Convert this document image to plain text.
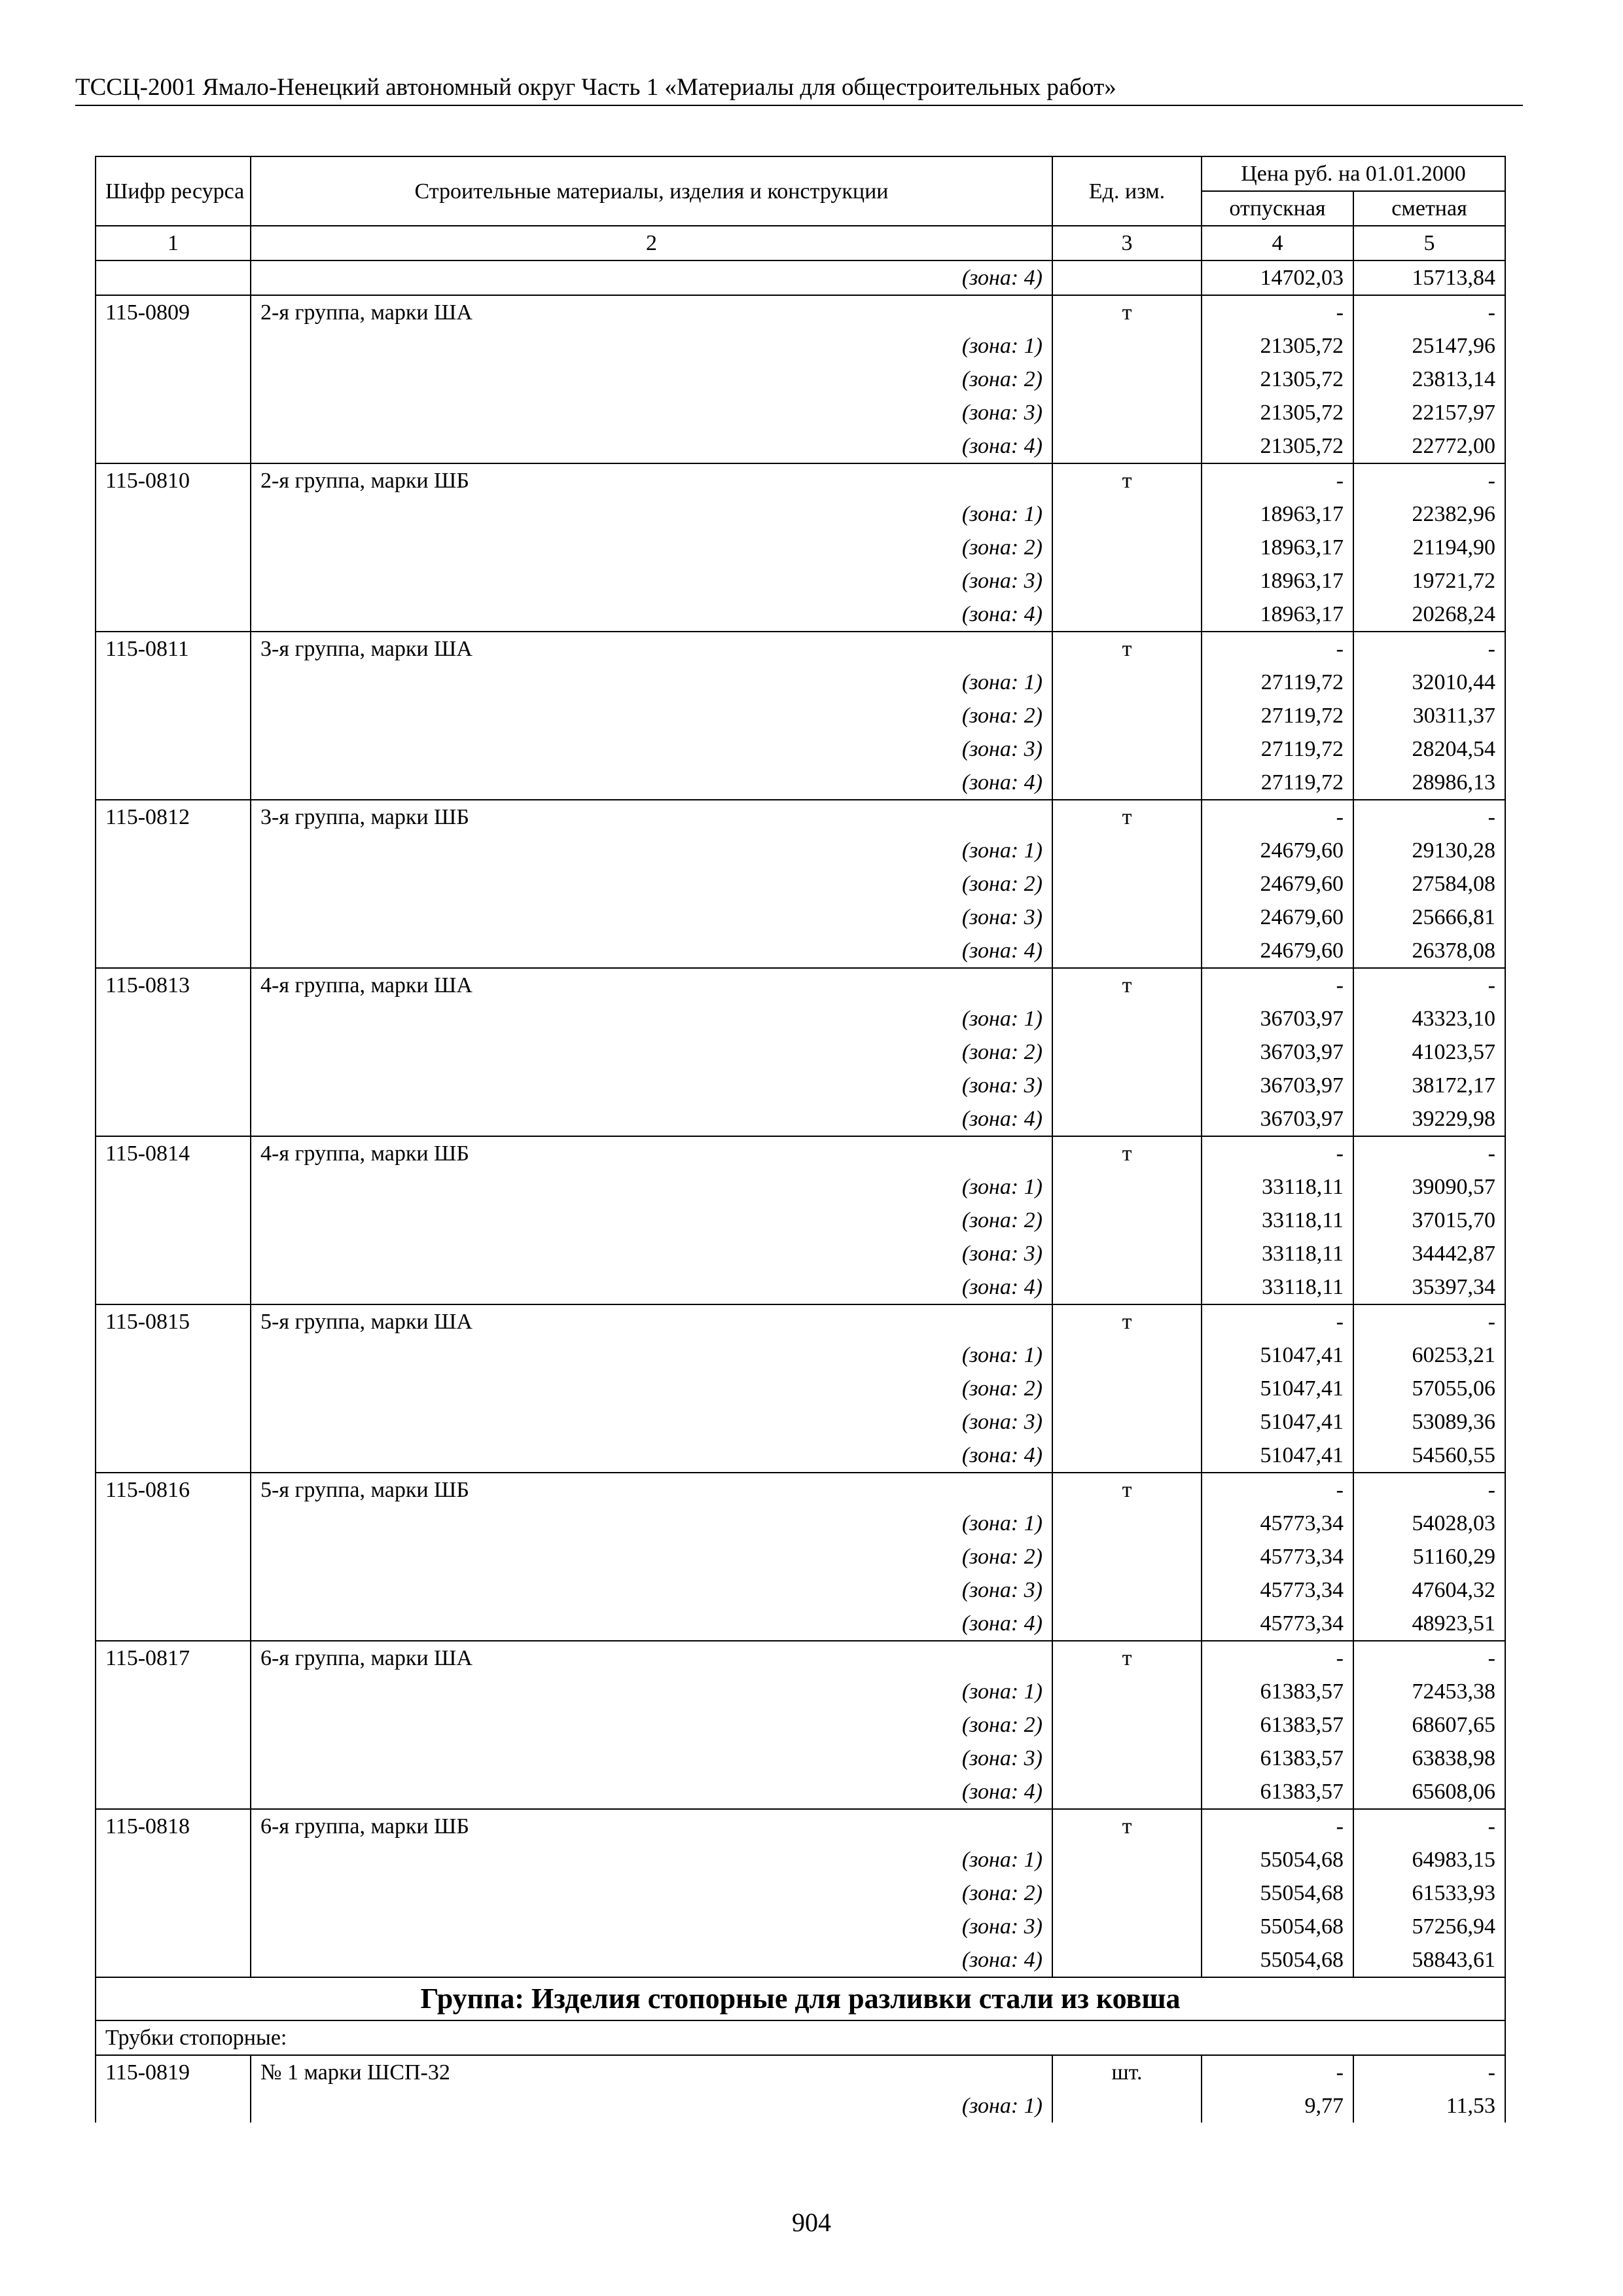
ТССЦ-2001 Ямало-Ненецкий автономный округ Часть 1 «Материалы для общестроительных работ»
Шифр ресурса	Строительные материалы, изделия и конструкции	Ед. изм.	Цена руб. на 01.01.2000	
			отпускная	сметная
1	2	3	4	5
	(зона: 4)		14702,03	15713,84
115-0809	2-я группа, марки ША	т	-	-
	(зона: 1)		21305,72	25147,96
	(зона: 2)		21305,72	23813,14
	(зона: 3)		21305,72	22157,97
	(зона: 4)		21305,72	22772,00
115-0810	2-я группа, марки ШБ	т	-	-
	(зона: 1)		18963,17	22382,96
	(зона: 2)		18963,17	21194,90
	(зона: 3)		18963,17	19721,72
	(зона: 4)		18963,17	20268,24
115-0811	3-я группа, марки ША	т	-	-
	(зона: 1)		27119,72	32010,44
	(зона: 2)		27119,72	30311,37
	(зона: 3)		27119,72	28204,54
	(зона: 4)		27119,72	28986,13
115-0812	3-я группа, марки ШБ	т	-	-
	(зона: 1)		24679,60	29130,28
	(зона: 2)		24679,60	27584,08
	(зона: 3)		24679,60	25666,81
	(зона: 4)		24679,60	26378,08
115-0813	4-я группа, марки ША	т	-	-
	(зона: 1)		36703,97	43323,10
	(зона: 2)		36703,97	41023,57
	(зона: 3)		36703,97	38172,17
	(зона: 4)		36703,97	39229,98
115-0814	4-я группа, марки ШБ	т	-	-
	(зона: 1)		33118,11	39090,57
	(зона: 2)		33118,11	37015,70
	(зона: 3)		33118,11	34442,87
	(зона: 4)		33118,11	35397,34
115-0815	5-я группа, марки ША	т	-	-
	(зона: 1)		51047,41	60253,21
	(зона: 2)		51047,41	57055,06
	(зона: 3)		51047,41	53089,36
	(зона: 4)		51047,41	54560,55
115-0816	5-я группа, марки ШБ	т	-	-
	(зона: 1)		45773,34	54028,03
	(зона: 2)		45773,34	51160,29
	(зона: 3)		45773,34	47604,32
	(зона: 4)		45773,34	48923,51
115-0817	6-я группа, марки ША	т	-	-
	(зона: 1)		61383,57	72453,38
	(зона: 2)		61383,57	68607,65
	(зона: 3)		61383,57	63838,98
	(зона: 4)		61383,57	65608,06
115-0818	6-я группа, марки ШБ	т	-	-
	(зона: 1)		55054,68	64983,15
	(зона: 2)		55054,68	61533,93
	(зона: 3)		55054,68	57256,94
	(зона: 4)		55054,68	58843,61
Группа: Изделия стопорные для разливки стали из ковша				
Трубки стопорные:				
115-0819	№ 1 марки ШСП-32	шт.	-	-
	(зона: 1)		9,77	11,53
904
